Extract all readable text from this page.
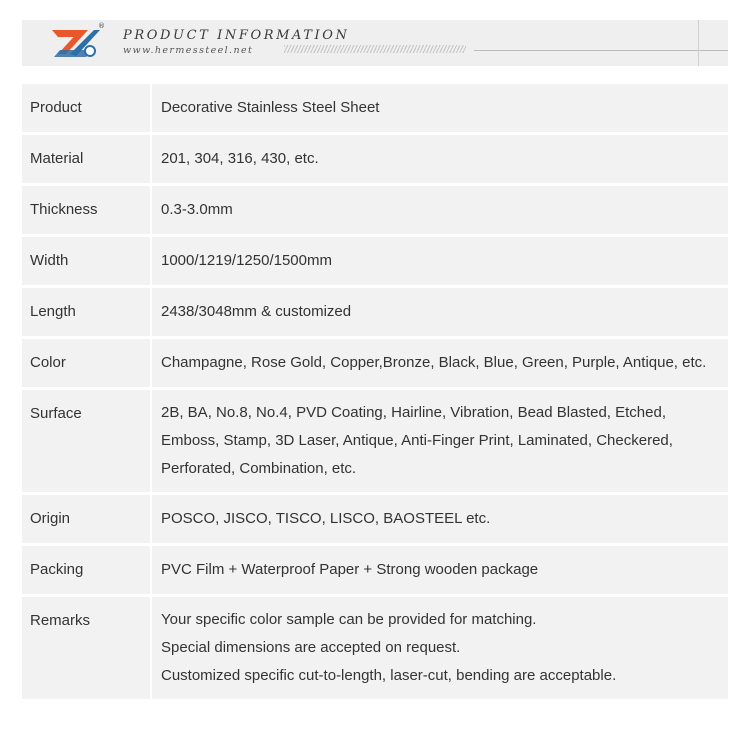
®
PRODUCT INFORMATION
www.hermessteel.net
Product	Decorative Stainless Steel Sheet
Material	201, 304, 316, 430, etc.
Thickness	0.3-3.0mm
Width	1000/1219/1250/1500mm
Length	2438/3048mm & customized
Color	Champagne, Rose Gold, Copper,Bronze, Black, Blue, Green, Purple, Antique, etc.
Surface	2B, BA, No.8, No.4, PVD Coating, Hairline, Vibration, Bead Blasted, Etched,
Emboss, Stamp, 3D Laser, Antique, Anti-Finger Print, Laminated, Checkered,
Perforated, Combination, etc.
Origin	POSCO, JISCO, TISCO, LISCO, BAOSTEEL etc.
Packing	PVC Film + Waterproof Paper + Strong wooden package
Remarks	Your specific color sample can be provided for matching.
Special dimensions are accepted on request.
Customized specific cut-to-length, laser-cut, bending are acceptable.
